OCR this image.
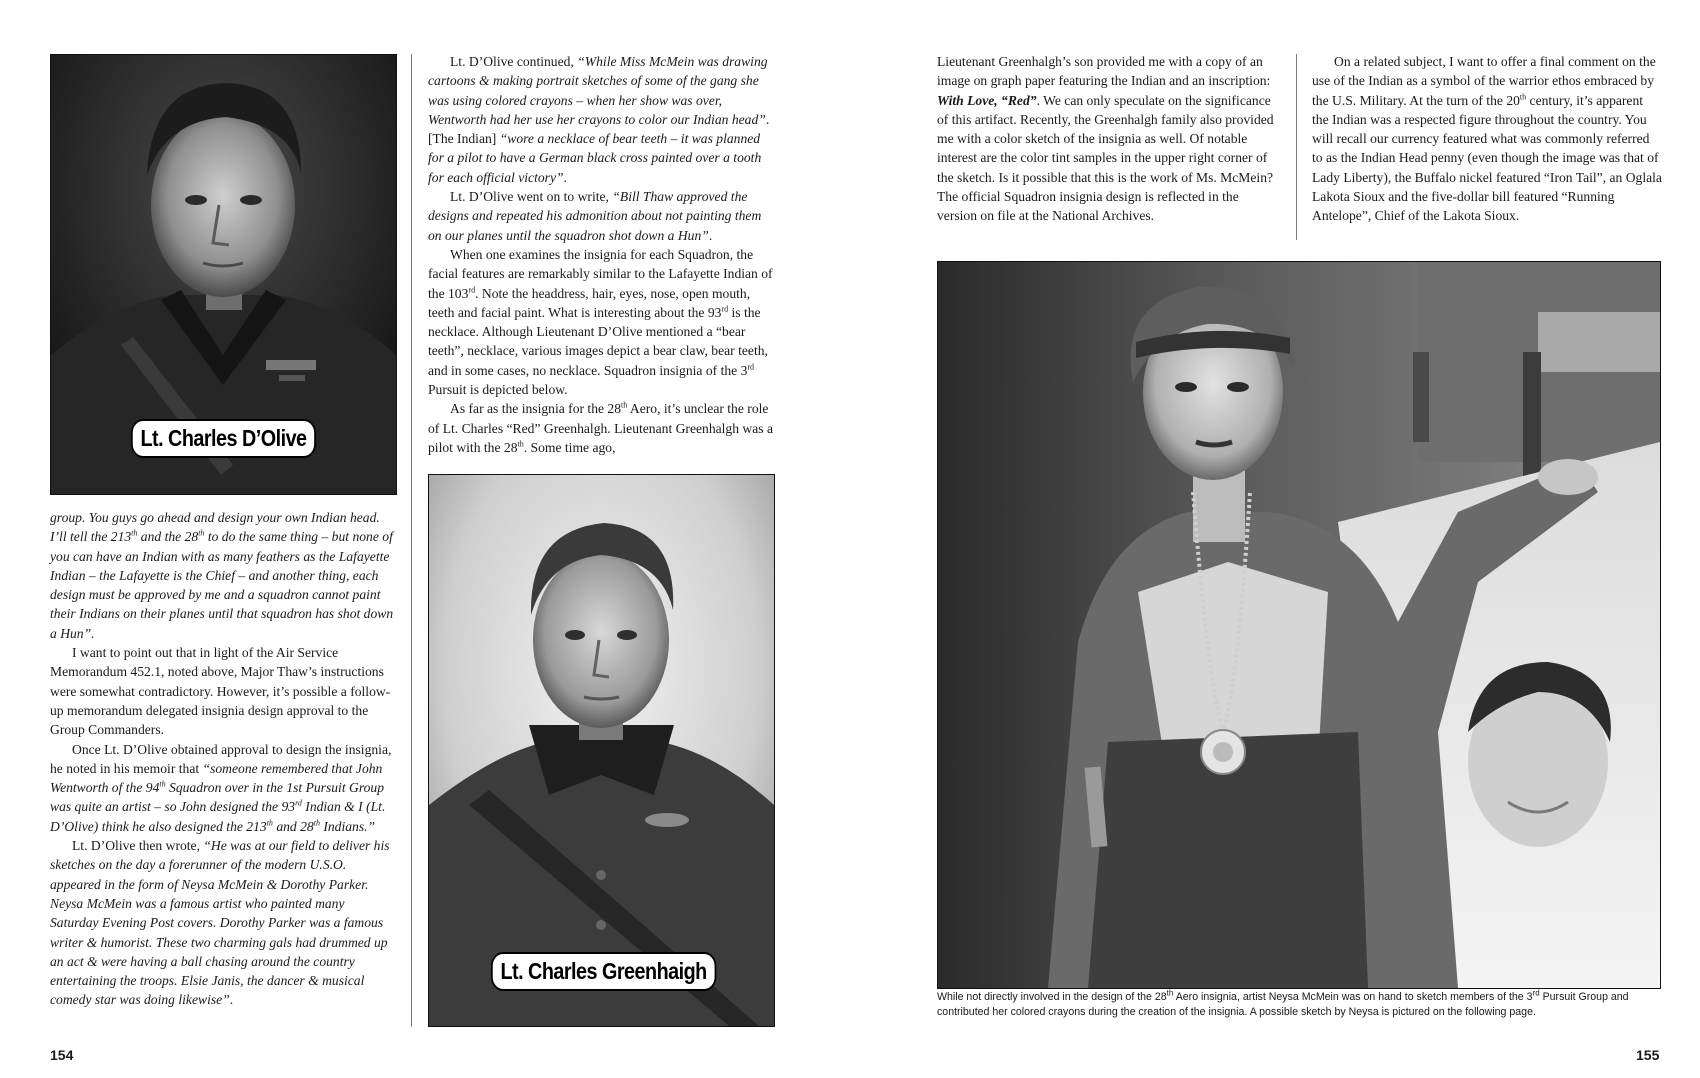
Lt. Charles D’Olive

group. You guys go ahead and design your own Indian head. I’ll tell the 213th and the 28th to do the same thing – but none of you can have an Indian with as many feathers as the Lafayette Indian – the Lafayette is the Chief – and another thing, each design must be approved by me and a squadron cannot paint their Indians on their planes until that squadron has shot down a Hun”.

I want to point out that in light of the Air Service Memorandum 452.1, noted above, Major Thaw’s instructions were somewhat contradictory. However, it’s possible a follow-up memorandum delegated insignia design approval to the Group Commanders.

Once Lt. D’Olive obtained approval to design the insignia, he noted in his memoir that “someone remembered that John Wentworth of the 94th Squadron over in the 1st Pursuit Group was quite an artist – so John designed the 93rd Indian & I (Lt. D’Olive) think he also designed the 213th and 28th Indians.”

Lt. D’Olive then wrote, “He was at our field to deliver his sketches on the day a forerunner of the modern U.S.O. appeared in the form of Neysa McMein & Dorothy Parker. Neysa McMein was a famous artist who painted many Saturday Evening Post covers. Dorothy Parker was a famous writer & humorist. These two charming gals had drummed up an act & were having a ball chasing around the country entertaining the troops. Elsie Janis, the dancer & musical comedy star was doing likewise”.

Lt. D’Olive continued, “While Miss McMein was drawing cartoons & making portrait sketches of some of the gang she was using colored crayons – when her show was over, Wentworth had her use her crayons to color our Indian head”. [The Indian] “wore a necklace of bear teeth – it was planned for a pilot to have a German black cross painted over a tooth for each official victory”.

Lt. D’Olive went on to write, “Bill Thaw approved the designs and repeated his admonition about not painting them on our planes until the squadron shot down a Hun”.

When one examines the insignia for each Squadron, the facial features are remarkably similar to the Lafayette Indian of the 103rd. Note the headdress, hair, eyes, nose, open mouth, teeth and facial paint. What is interesting about the 93rd is the necklace. Although Lieutenant D’Olive mentioned a “bear teeth”, necklace, various images depict a bear claw, bear teeth, and in some cases, no necklace. Squadron insignia of the 3rd Pursuit is depicted below.

As far as the insignia for the 28th Aero, it’s unclear the role of Lt. Charles “Red” Greenhalgh. Lieutenant Greenhalgh was a pilot with the 28th. Some time ago,

Lt. Charles Greenhaigh
154

Lieutenant Greenhalgh’s son provided me with a copy of an image on graph paper featuring the Indian and an inscription: With Love, “Red”. We can only speculate on the significance of this artifact. Recently, the Greenhalgh family also provided me with a color sketch of the insignia as well. Of notable interest are the color tint samples in the upper right corner of the sketch. Is it possible that this is the work of Ms. McMein? The official Squadron insignia design is reflected in the version on file at the National Archives.

On a related subject, I want to offer a final comment on the use of the Indian as a symbol of the warrior ethos embraced by the U.S. Military. At the turn of the 20th century, it’s apparent the Indian was a respected figure throughout the country. You will recall our currency featured what was commonly referred to as the Indian Head penny (even though the image was that of Lady Liberty), the Buffalo nickel featured “Iron Tail”, an Oglala Lakota Sioux and the five-dollar bill featured “Running Antelope”, Chief of the Lakota Sioux.

While not directly involved in the design of the 28th Aero insignia, artist Neysa McMein was on hand to sketch members of the 3rd Pursuit Group and contributed her colored crayons during the creation of the insignia. A possible sketch by Neysa is pictured on the following page.
155
